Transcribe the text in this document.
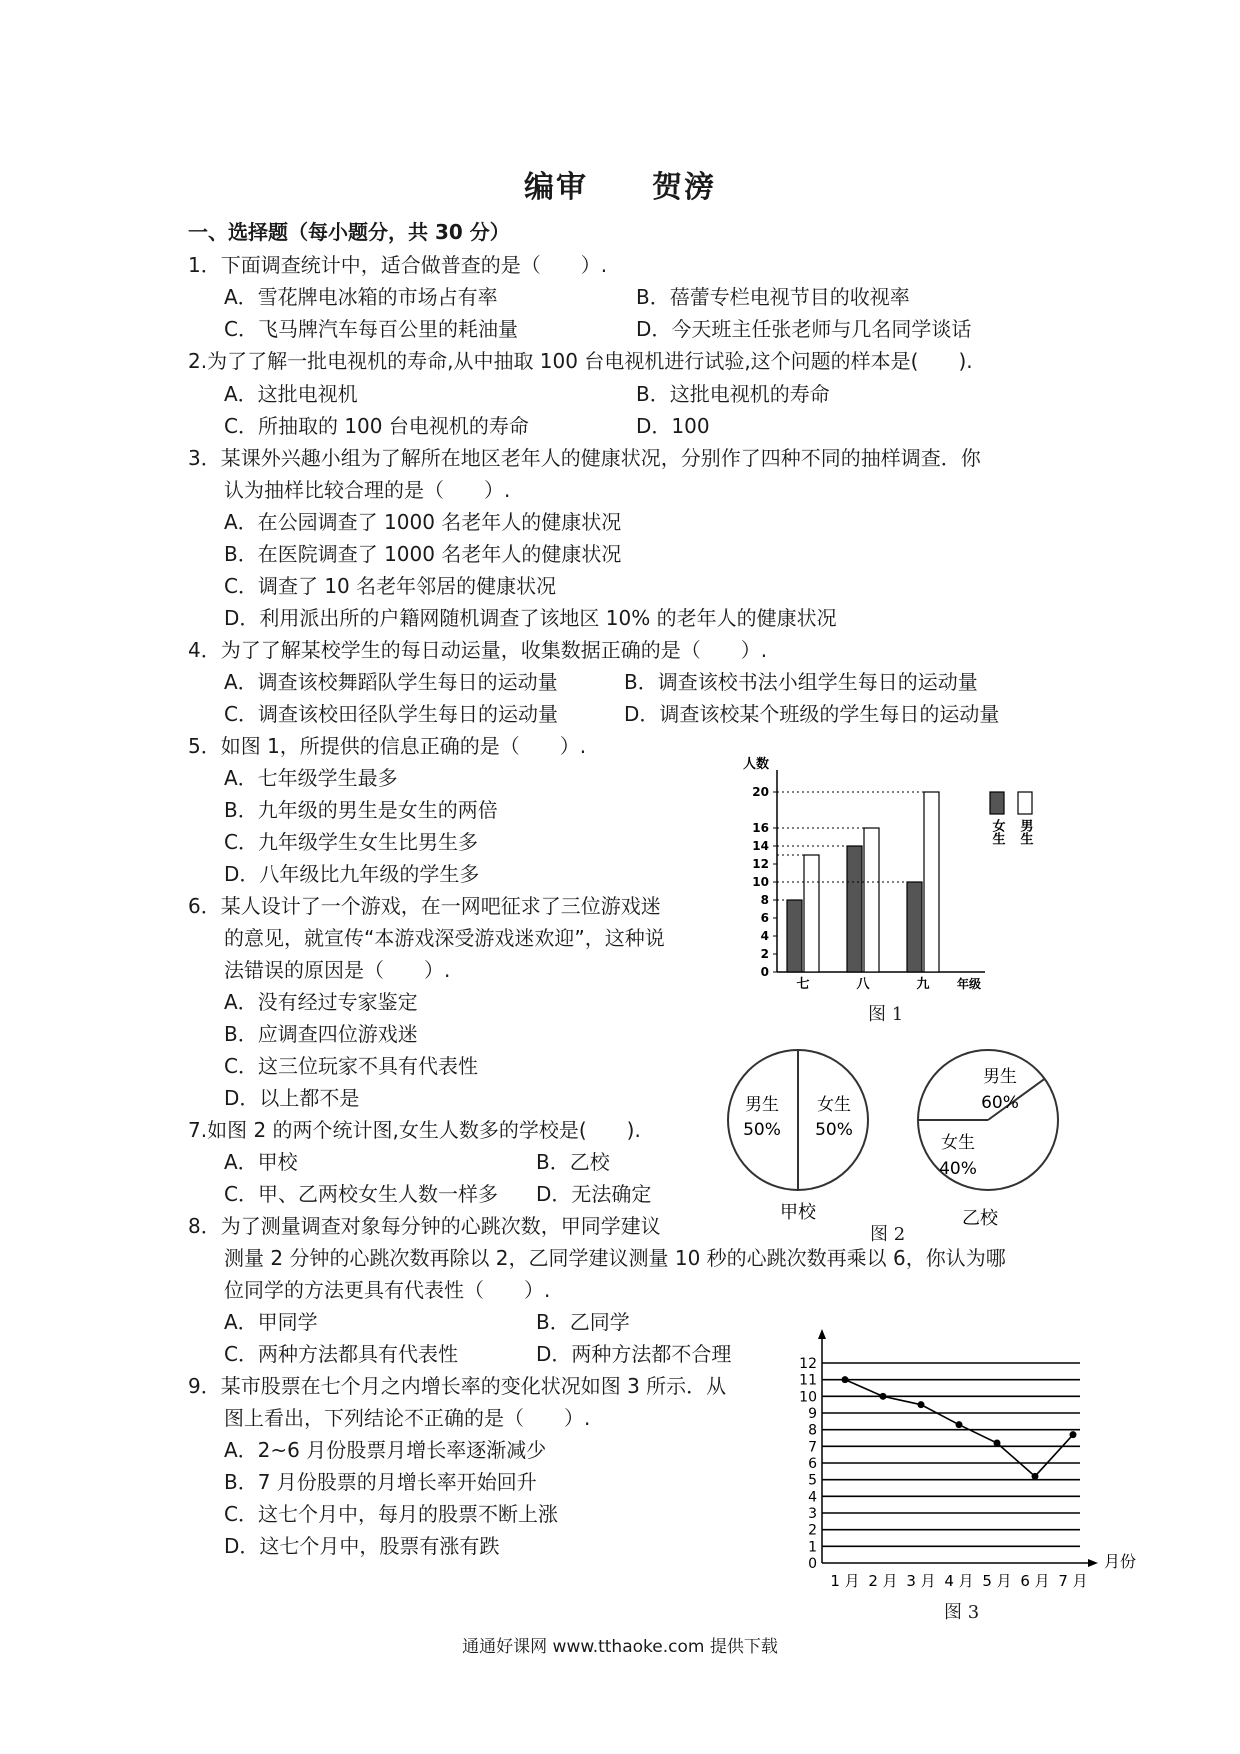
编审 贺滂
一、选择题（每小题分，共 30 分）
1．下面调查统计中，适合做普查的是（　　）.
A．雪花牌电冰箱的市场占有率	B．蓓蕾专栏电视节目的收视率
C．飞马牌汽车每百公里的耗油量	D．今天班主任张老师与几名同学谈话
2.为了了解一批电视机的寿命,从中抽取 100 台电视机进行试验,这个问题的样本是(　　).
A．这批电视机	B．这批电视机的寿命
C．所抽取的 100 台电视机的寿命	D．100
3．某课外兴趣小组为了解所在地区老年人的健康状况，分别作了四种不同的抽样调查．你
认为抽样比较合理的是（　　）.
A．在公园调查了 1000 名老年人的健康状况
B．在医院调查了 1000 名老年人的健康状况
C．调查了 10 名老年邻居的健康状况
D．利用派出所的户籍网随机调查了该地区 10% 的老年人的健康状况
4．为了了解某校学生的每日动运量，收集数据正确的是（　　）.
A．调查该校舞蹈队学生每日的运动量	B．调查该校书法小组学生每日的运动量
C．调查该校田径队学生每日的运动量	D．调查该校某个班级的学生每日的运动量
5．如图 1，所提供的信息正确的是（　　）.
A．七年级学生最多
B．九年级的男生是女生的两倍
C．九年级学生女生比男生多
D．八年级比九年级的学生多
6．某人设计了一个游戏，在一网吧征求了三位游戏迷
的意见，就宣传“本游戏深受游戏迷欢迎”，这种说
法错误的原因是（　　）.
A．没有经过专家鉴定
B．应调查四位游戏迷
C．这三位玩家不具有代表性
D．以上都不是
7.如图 2 的两个统计图,女生人数多的学校是(　　).
A．甲校	B．乙校
C．甲、乙两校女生人数一样多 D．无法确定
8．为了测量调查对象每分钟的心跳次数，甲同学建议
测量 2 分钟的心跳次数再除以 2，乙同学建议测量 10 秒的心跳次数再乘以 6，你认为哪
位同学的方法更具有代表性（　　）.
A．甲同学	B．乙同学
C．两种方法都具有代表性	D．两种方法都不合理
9．某市股票在七个月之内增长率的变化状况如图 3 所示．从
图上看出，下列结论不正确的是（　　）.
A．2~6 月份股票月增长率逐渐减少
B．7 月份股票的月增长率开始回升
C．这七个月中，每月的股票不断上涨
D．这七个月中，股票有涨有跌
人数
0
2
4
6
8
10
12
14
16
20
七	八	九 年级
女生 男生
图 1
男生
50%
女生
50%
甲校
男生
60%
女生
40%
乙校
图 2
0
1
2
3
4
5
6
7
8
9
10
11
12
1 月 2 月 3 月 4 月 5 月 6 月 7 月
月份
图 3
通通好课网 www.tthaoke.com 提供下载
